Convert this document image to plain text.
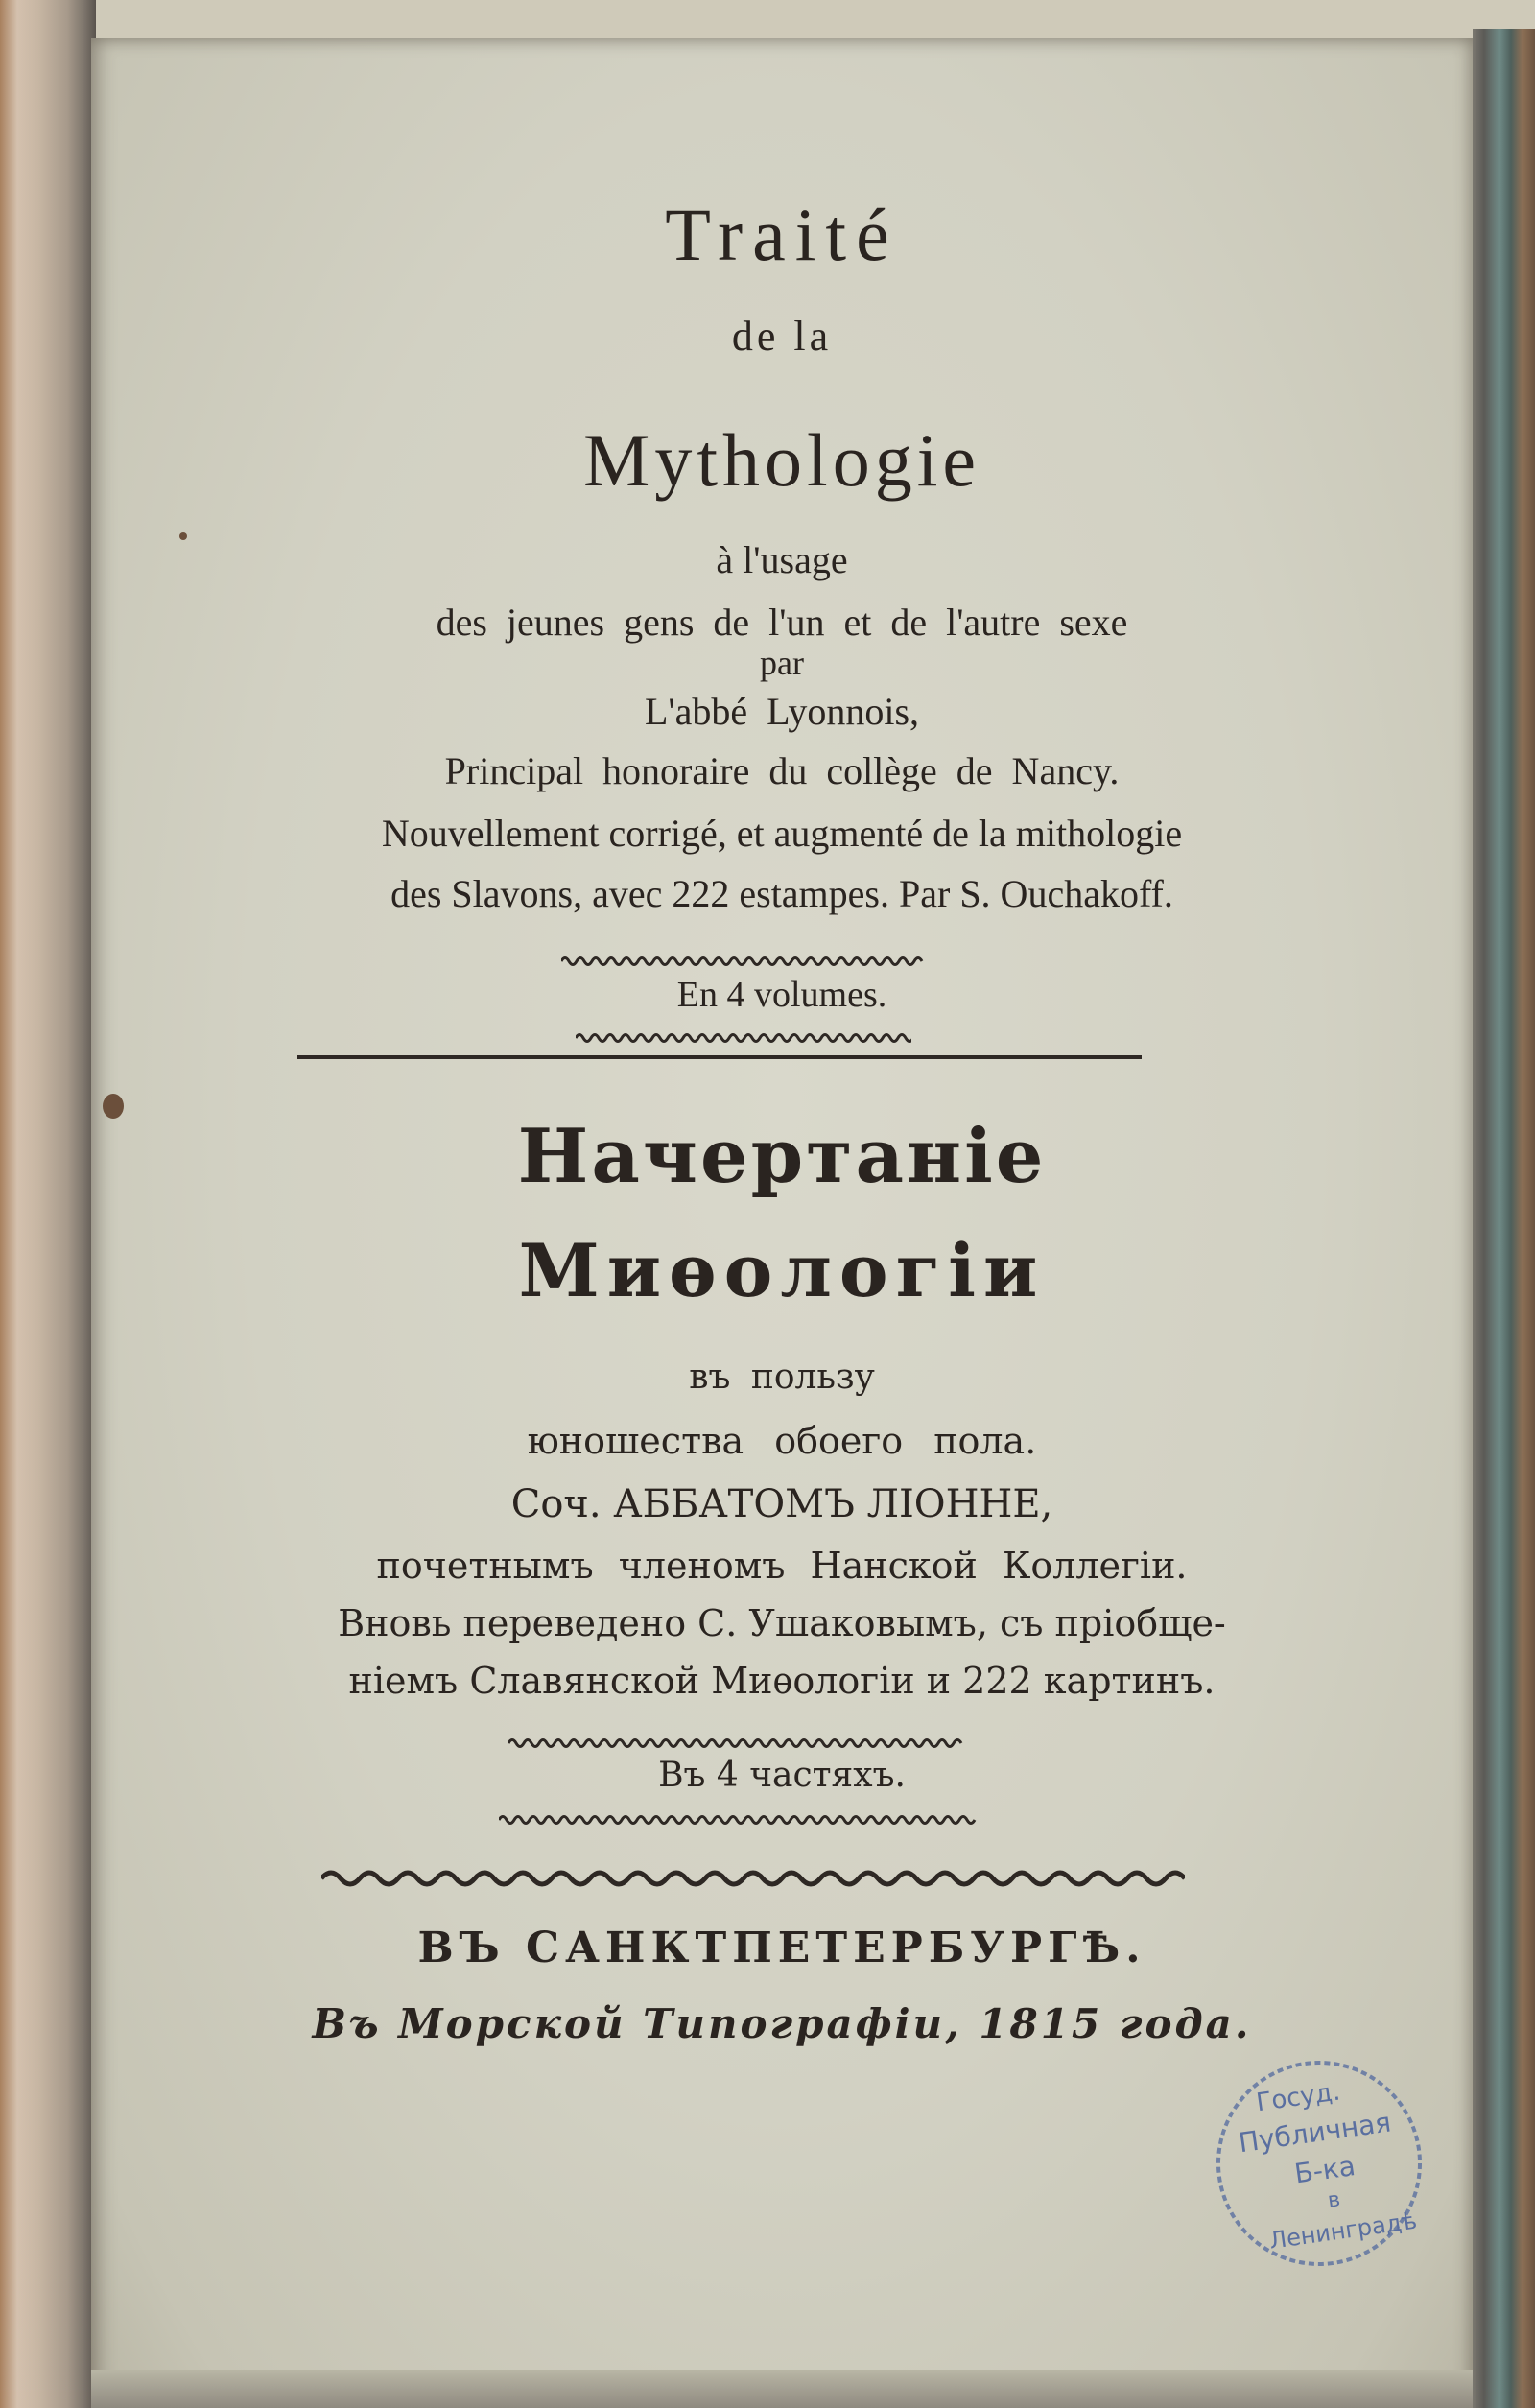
Traité
de la
Mythologie
à l'usage
des jeunes gens de l'un et de l'autre sexe
par
L'abbé Lyonnois,
Principal honoraire du collège de Nancy.
Nouvellement corrigé, et augmenté de la mithologie
des Slavons, avec 222 estampes. Par S. Ouchakoff.
En 4 volumes.
Начертаніе
Миѳологіи
въ пользу
юношества обоего пола.
Соч. АББАТОМЪ ЛІОННЕ,
почетнымъ членомъ Нанской Коллегіи.
Вновь переведено С. Ушаковымъ, съ пріобще-
ніемъ Славянской Миѳологіи и 222 картинъ.
Въ 4 частяхъ.
ВЪ САНКТПЕТЕРБУРГѢ.
Въ Морской Типографіи, 1815 года.
Госуд.
Публичная
Б-ка
в
Ленинградѣ
